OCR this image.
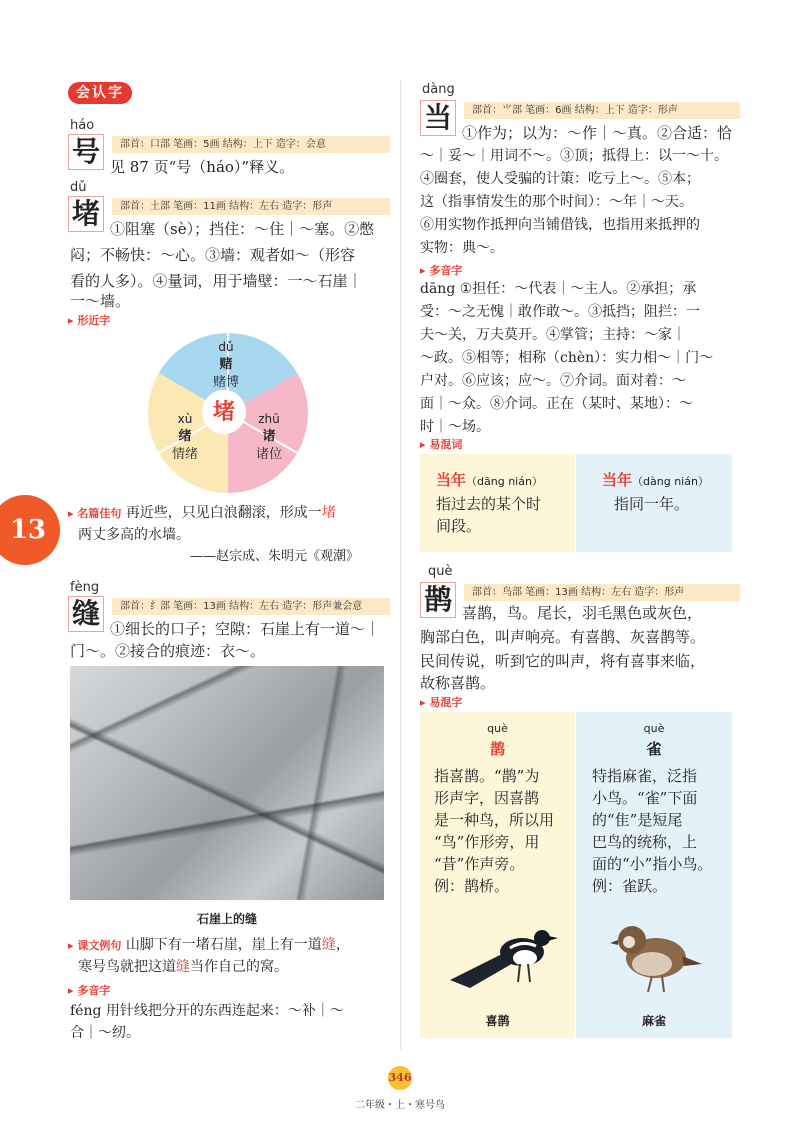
会认字
háo
号	部首：口部 笔画：5画 结构：上下 造字：会意
见 87 页“号（háo）”释义。
dǔ
堵	部首：土部 笔画：11画 结构：左右 造字：形声
①阻塞（sè）；挡住：～住｜～塞。②憋
闷；不畅快：～心。③墙：观者如～（形容
看的人多）。④量词，用于墙壁：一～石崖｜
一～墙。
▸ 形近字
堵
dǔ
赌
赌博
xù
绪
情绪
zhū
诸
诸位
13
▸ 名篇佳句 再近些，只见白浪翻滚，形成一堵
两丈多高的水墙。
——赵宗成、朱明元《观潮》
fèng
缝	部首：纟部 笔画：13画 结构：左右 造字：形声兼会意
①细长的口子；空隙：石崖上有一道～｜
门～。②接合的痕迹：衣～。
石崖上的缝
▸ 课文例句 山脚下有一堵石崖，崖上有一道缝，
寒号鸟就把这道缝当作自己的窝。
▸ 多音字
féng 用针线把分开的东西连起来：～补｜～
合｜～纫。
dàng
当	部首：⺌部 笔画：6画 结构：上下 造字：形声
①作为；以为：～作｜～真。②合适：恰
～｜妥～｜用词不～。③顶；抵得上：以一～十。
④圈套，使人受骗的计策：吃亏上～。⑤本；
这（指事情发生的那个时间）：～年｜～天。
⑥用实物作抵押向当铺借钱，也指用来抵押的
实物：典～。
▸ 多音字
dāng ①担任：～代表｜～主人。②承担；承
受：～之无愧｜敢作敢～。③抵挡；阻拦：一
夫～关，万夫莫开。④掌管；主持：～家｜
～政。⑤相等；相称（chèn）：实力相～｜门～
户对。⑥应该；应～。⑦介词。面对着：～
面｜～众。⑧介词。正在（某时、某地）：～
时｜～场。
▸ 易混词
当年（dāng nián）
指过去的某个时
间段。
当年（dàng nián）
指同一年。
què
鹊	部首：鸟部 笔画：13画 结构：左右 造字：形声
喜鹊，鸟。尾长，羽毛黑色或灰色，
胸部白色，叫声响亮。有喜鹊、灰喜鹊等。
民间传说，听到它的叫声，将有喜事来临，
故称喜鹊。
▸ 易混字
què
鹊
指喜鹊。“鹊”为
形声字，因喜鹊
是一种鸟，所以用
“鸟”作形旁，用
“昔”作声旁。
例：鹊桥。
喜鹊
què
雀
特指麻雀，泛指
小鸟。“雀”下面
的“隹”是短尾
巴鸟的统称，上
面的“小”指小鸟。
例：雀跃。
麻雀
346
二年级・上・寒号鸟
